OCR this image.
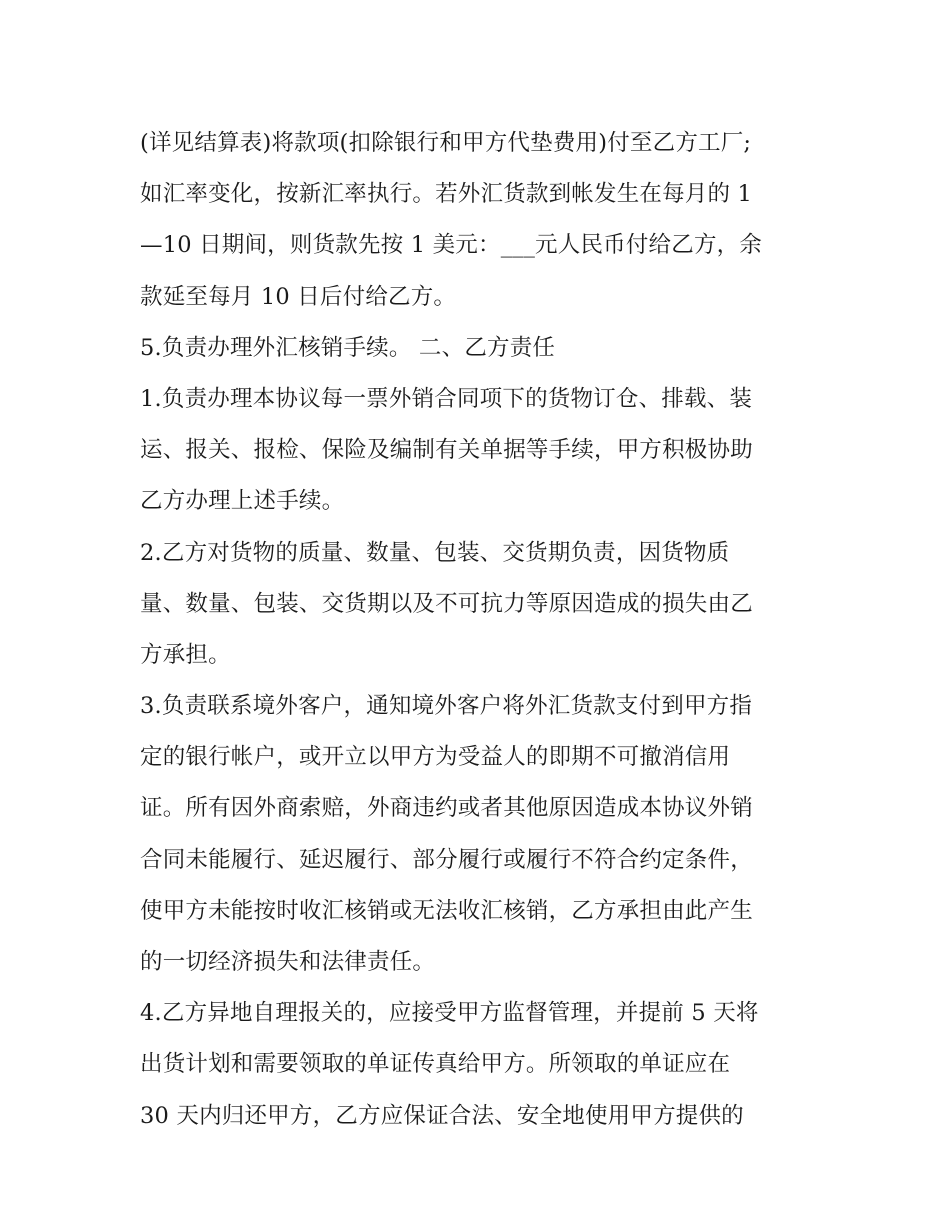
(详见结算表)将款项(扣除银行和甲方代垫费用)付至乙方工厂;
如汇率变化，按新汇率执行。若外汇货款到帐发生在每月的 1
—10 日期间，则货款先按 1 美元：___元人民币付给乙方，余
款延至每月 10 日后付给乙方。
5.负责办理外汇核销手续。 二、乙方责任
1.负责办理本协议每一票外销合同项下的货物订仓、排载、装
运、报关、报检、保险及编制有关单据等手续，甲方积极协助
乙方办理上述手续。
2.乙方对货物的质量、数量、包装、交货期负责，因货物质
量、数量、包装、交货期以及不可抗力等原因造成的损失由乙
方承担。
3.负责联系境外客户，通知境外客户将外汇货款支付到甲方指
定的银行帐户，或开立以甲方为受益人的即期不可撤消信用
证。所有因外商索赔，外商违约或者其他原因造成本协议外销
合同未能履行、延迟履行、部分履行或履行不符合约定条件，
使甲方未能按时收汇核销或无法收汇核销，乙方承担由此产生
的一切经济损失和法律责任。
4.乙方异地自理报关的，应接受甲方监督管理，并提前 5 天将
出货计划和需要领取的单证传真给甲方。所领取的单证应在
30 天内归还甲方，乙方应保证合法、安全地使用甲方提供的
